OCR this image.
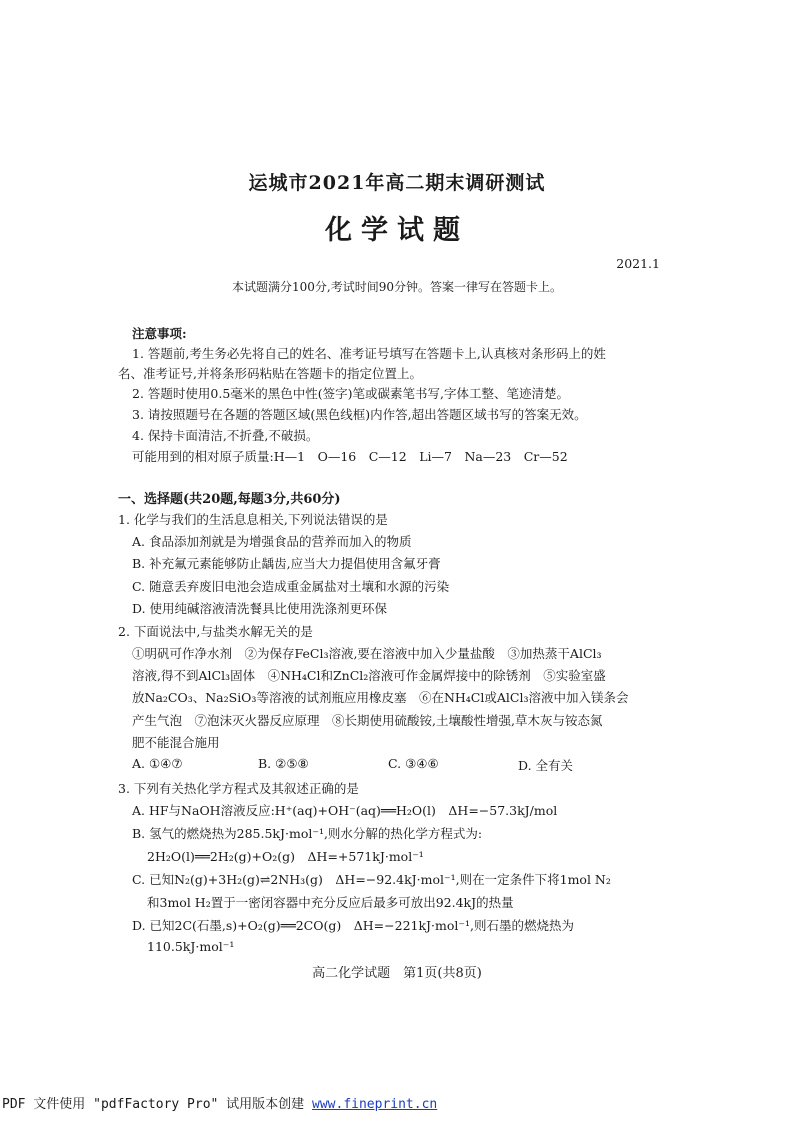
运城市2021年高二期末调研测试
化学试题
2021.1
本试题满分100分,考试时间90分钟。答案一律写在答题卡上。
注意事项:
1. 答题前,考生务必先将自己的姓名、准考证号填写在答题卡上,认真核对条形码上的姓
名、准考证号,并将条形码粘贴在答题卡的指定位置上。
2. 答题时使用0.5毫米的黑色中性(签字)笔或碳素笔书写,字体工整、笔迹清楚。
3. 请按照题号在各题的答题区域(黑色线框)内作答,超出答题区域书写的答案无效。
4. 保持卡面清洁,不折叠,不破损。
可能用到的相对原子质量:H—1　O—16　C—12　Li—7　Na—23　Cr—52
一、选择题(共20题,每题3分,共60分)
1. 化学与我们的生活息息相关,下列说法错误的是
A. 食品添加剂就是为增强食品的营养而加入的物质
B. 补充氟元素能够防止龋齿,应当大力提倡使用含氟牙膏
C. 随意丢弃废旧电池会造成重金属盐对土壤和水源的污染
D. 使用纯碱溶液清洗餐具比使用洗涤剂更环保
2. 下面说法中,与盐类水解无关的是
①明矾可作净水剂　②为保存FeCl₃溶液,要在溶液中加入少量盐酸　③加热蒸干AlCl₃
溶液,得不到AlCl₃固体　④NH₄Cl和ZnCl₂溶液可作金属焊接中的除锈剂　⑤实验室盛
放Na₂CO₃、Na₂SiO₃等溶液的试剂瓶应用橡皮塞　⑥在NH₄Cl或AlCl₃溶液中加入镁条会
产生气泡　⑦泡沫灭火器反应原理　⑧长期使用硫酸铵,土壤酸性增强,草木灰与铵态氮
肥不能混合施用
A. ①④⑦	B. ②⑤⑧	C. ③④⑥	D. 全有关
3. 下列有关热化学方程式及其叙述正确的是
A. HF与NaOH溶液反应:H⁺(aq)+OH⁻(aq)══H₂O(l)　ΔH=−57.3kJ/mol
B. 氢气的燃烧热为285.5kJ·mol⁻¹,则水分解的热化学方程式为:
2H₂O(l)══2H₂(g)+O₂(g)　ΔH=+571kJ·mol⁻¹
C. 已知N₂(g)+3H₂(g)⇌2NH₃(g)　ΔH=−92.4kJ·mol⁻¹,则在一定条件下将1mol N₂
和3mol H₂置于一密闭容器中充分反应后最多可放出92.4kJ的热量
D. 已知2C(石墨,s)+O₂(g)══2CO(g)　ΔH=−221kJ·mol⁻¹,则石墨的燃烧热为
110.5kJ·mol⁻¹
高二化学试题　第1页(共8页)
PDF 文件使用 "pdfFactory Pro" 试用版本创建 www.fineprint.cn
